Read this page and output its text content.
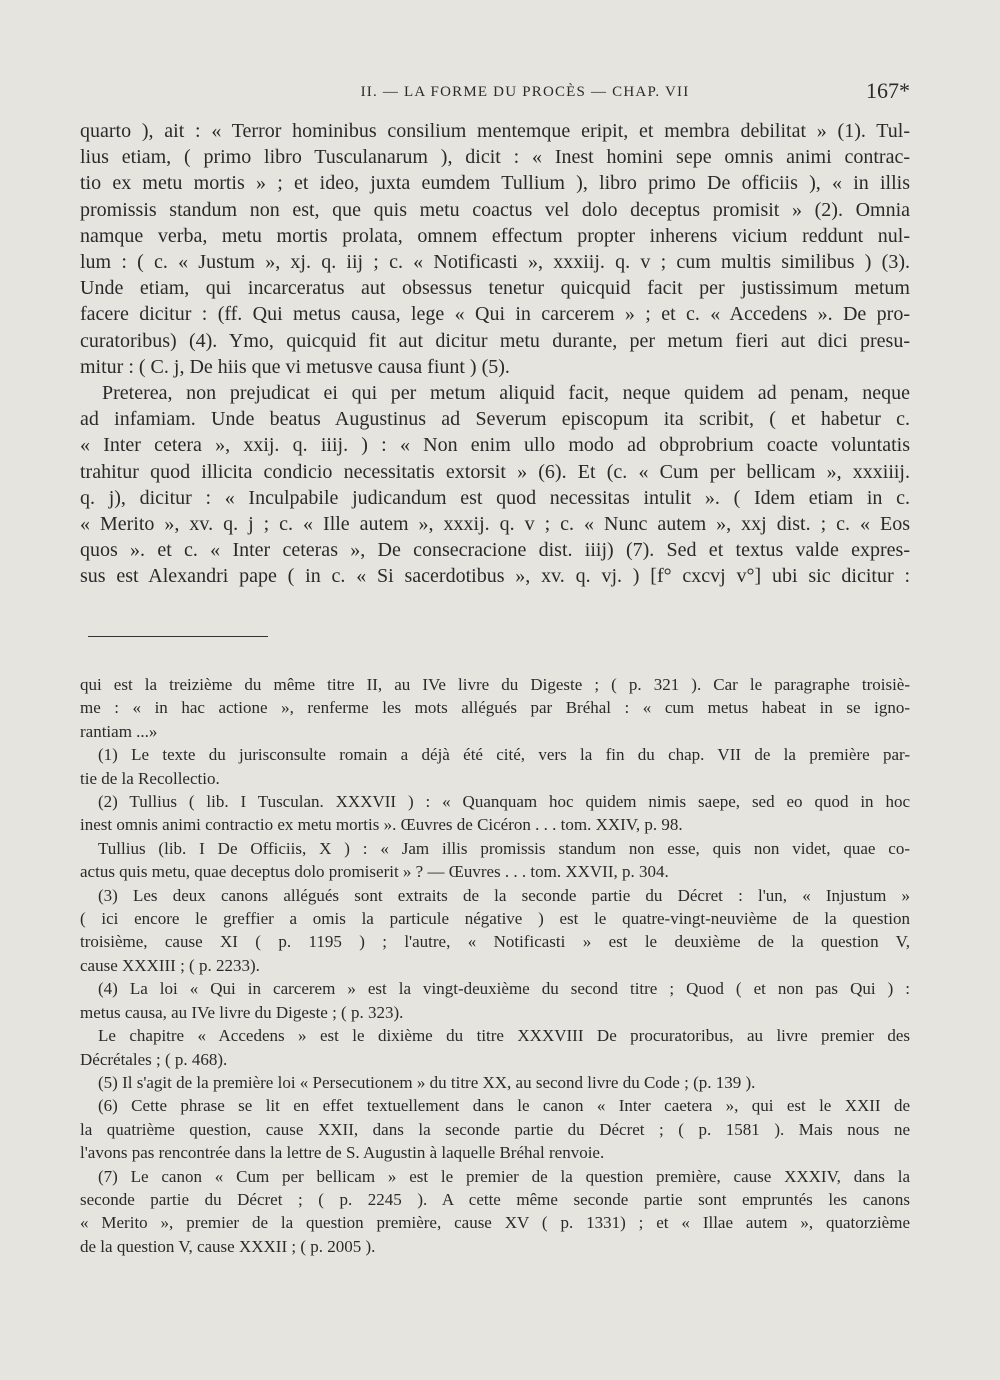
II. — LA FORME DU PROCÈS — CHAP. VII	167*
quarto ), ait : « Terror hominibus consilium mentemque eripit, et membra debilitat » (1). Tul-
lius etiam, ( primo libro Tusculanarum ), dicit : « Inest homini sepe omnis animi contrac-
tio ex metu mortis » ; et ideo, juxta eumdem Tullium ), libro primo De officiis ), « in illis
promissis standum non est, que quis metu coactus vel dolo deceptus promisit » (2). Omnia
namque verba, metu mortis prolata, omnem effectum propter inherens vicium reddunt nul-
lum : ( c. « Justum », xj. q. iij ; c. « Notificasti », xxxiij. q. v ; cum multis similibus ) (3).
Unde etiam, qui incarceratus aut obsessus tenetur quicquid facit per justissimum metum
facere dicitur : (ff. Qui metus causa, lege « Qui in carcerem » ; et c. « Accedens ». De pro-
curatoribus) (4). Ymo, quicquid fit aut dicitur metu durante, per metum fieri aut dici presu-
mitur : ( C. j, De hiis que vi metusve causa fiunt ) (5).
Preterea, non prejudicat ei qui per metum aliquid facit, neque quidem ad penam, neque
ad infamiam. Unde beatus Augustinus ad Severum episcopum ita scribit, ( et habetur c.
« Inter cetera », xxij. q. iiij. ) : « Non enim ullo modo ad obprobrium coacte voluntatis
trahitur quod illicita condicio necessitatis extorsit » (6). Et (c. « Cum per bellicam », xxxiiij.
q. j), dicitur : « Inculpabile judicandum est quod necessitas intulit ». ( Idem etiam in c.
« Merito », xv. q. j ; c. « Ille autem », xxxij. q. v ; c. « Nunc autem », xxj dist. ; c. « Eos
quos ». et c. « Inter ceteras », De consecracione dist. iiij) (7). Sed et textus valde expres-
sus est Alexandri pape ( in c. « Si sacerdotibus », xv. q. vj. ) [f° cxcvj v°] ubi sic dicitur :
qui est la treizième du même titre II, au IVe livre du Digeste ; ( p. 321 ). Car le paragraphe troisiè-
me : « in hac actione », renferme les mots allégués par Bréhal : « cum metus habeat in se igno-
rantiam ...»
(1) Le texte du jurisconsulte romain a déjà été cité, vers la fin du chap. VII de la première par-
tie de la Recollectio.
(2) Tullius ( lib. I Tusculan. XXXVII ) : « Quanquam hoc quidem nimis saepe, sed eo quod in hoc
inest omnis animi contractio ex metu mortis ». Œuvres de Cicéron . . . tom. XXIV, p. 98.
Tullius (lib. I De Officiis, X ) : « Jam illis promissis standum non esse, quis non videt, quae co-
actus quis metu, quae deceptus dolo promiserit » ? — Œuvres . . . tom. XXVII, p. 304.
(3) Les deux canons allégués sont extraits de la seconde partie du Décret : l'un, « Injustum »
( ici encore le greffier a omis la particule négative ) est le quatre-vingt-neuvième de la question
troisième, cause XI ( p. 1195 ) ; l'autre, « Notificasti » est le deuxième de la question V,
cause XXXIII ; ( p. 2233).
(4) La loi « Qui in carcerem » est la vingt-deuxième du second titre ; Quod ( et non pas Qui ) :
metus causa, au IVe livre du Digeste ; ( p. 323).
Le chapitre « Accedens » est le dixième du titre XXXVIII De procuratoribus, au livre premier des
Décrétales ; ( p. 468).
(5) Il s'agit de la première loi « Persecutionem » du titre XX, au second livre du Code ; (p. 139 ).
(6) Cette phrase se lit en effet textuellement dans le canon « Inter caetera », qui est le XXII de
la quatrième question, cause XXII, dans la seconde partie du Décret ; ( p. 1581 ). Mais nous ne
l'avons pas rencontrée dans la lettre de S. Augustin à laquelle Bréhal renvoie.
(7) Le canon « Cum per bellicam » est le premier de la question première, cause XXXIV, dans la
seconde partie du Décret ; ( p. 2245 ). A cette même seconde partie sont empruntés les canons
« Merito », premier de la question première, cause XV ( p. 1331) ; et « Illae autem », quatorzième
de la question V, cause XXXII ; ( p. 2005 ).
